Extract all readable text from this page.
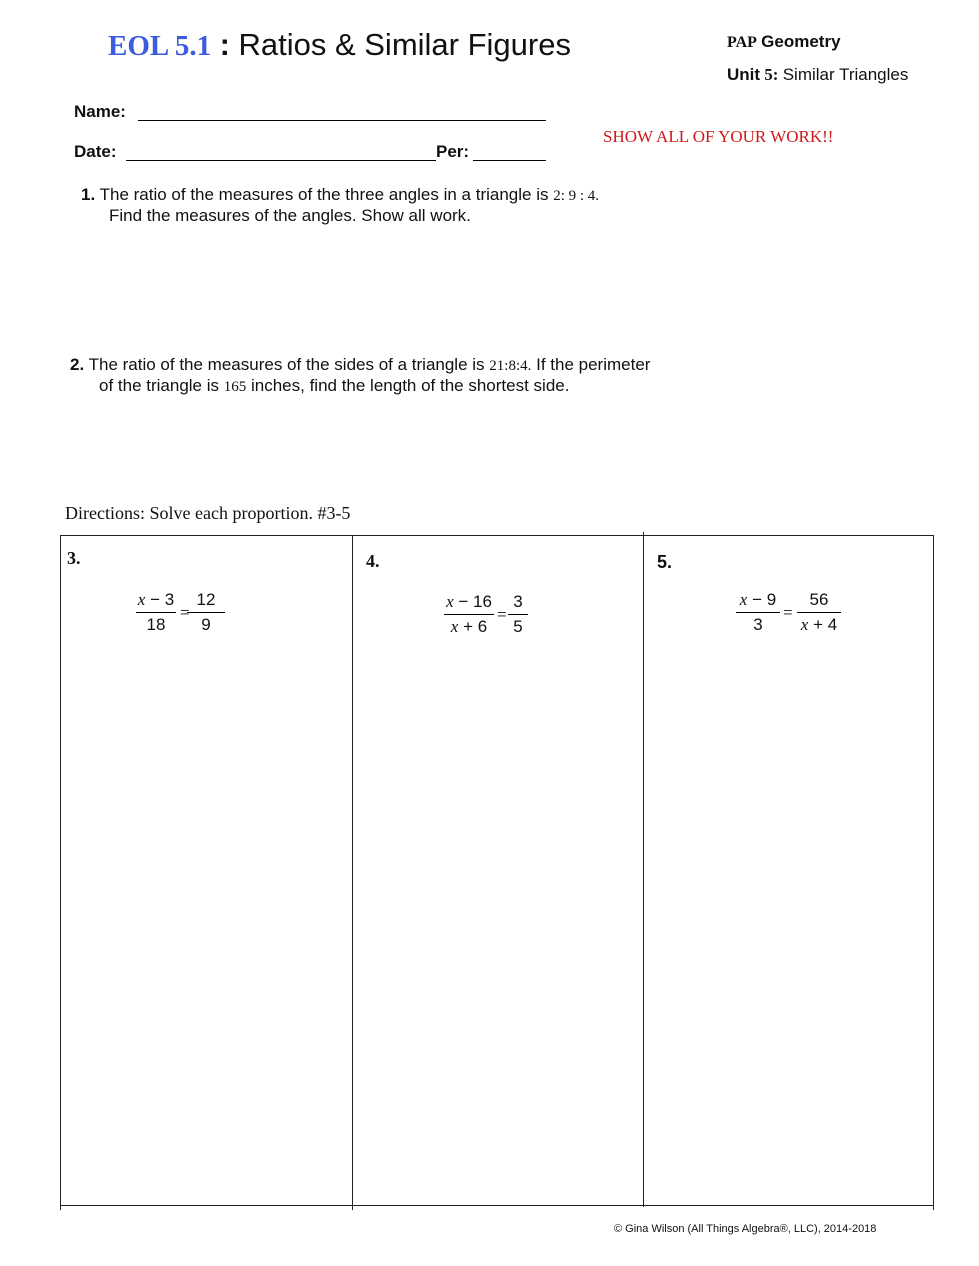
EOL 5.1 : Ratios & Similar Figures	PAP Geometry
Unit 5: Similar Triangles
Name:
Date:	Per:
SHOW ALL OF YOUR WORK!!
1. The ratio of the measures of the three angles in a triangle is 2: 9 : 4.
Find the measures of the angles. Show all work.
2. The ratio of the measures of the sides of a triangle is 21:8:4. If the perimeter
of the triangle is 165 inches, find the length of the shortest side.
Directions: Solve each proportion. #3-5
3.
$\frac{x - 3}{18}$ =
$\frac{12}{9}$
4.
$\frac{x - 16}{x + 6} = \frac{3}{5}$
5.
$\frac{x - 9}{3} = \frac{56}{x + 4}$
© Gina Wilson (All Things Algebra®, LLC), 2014-2018
